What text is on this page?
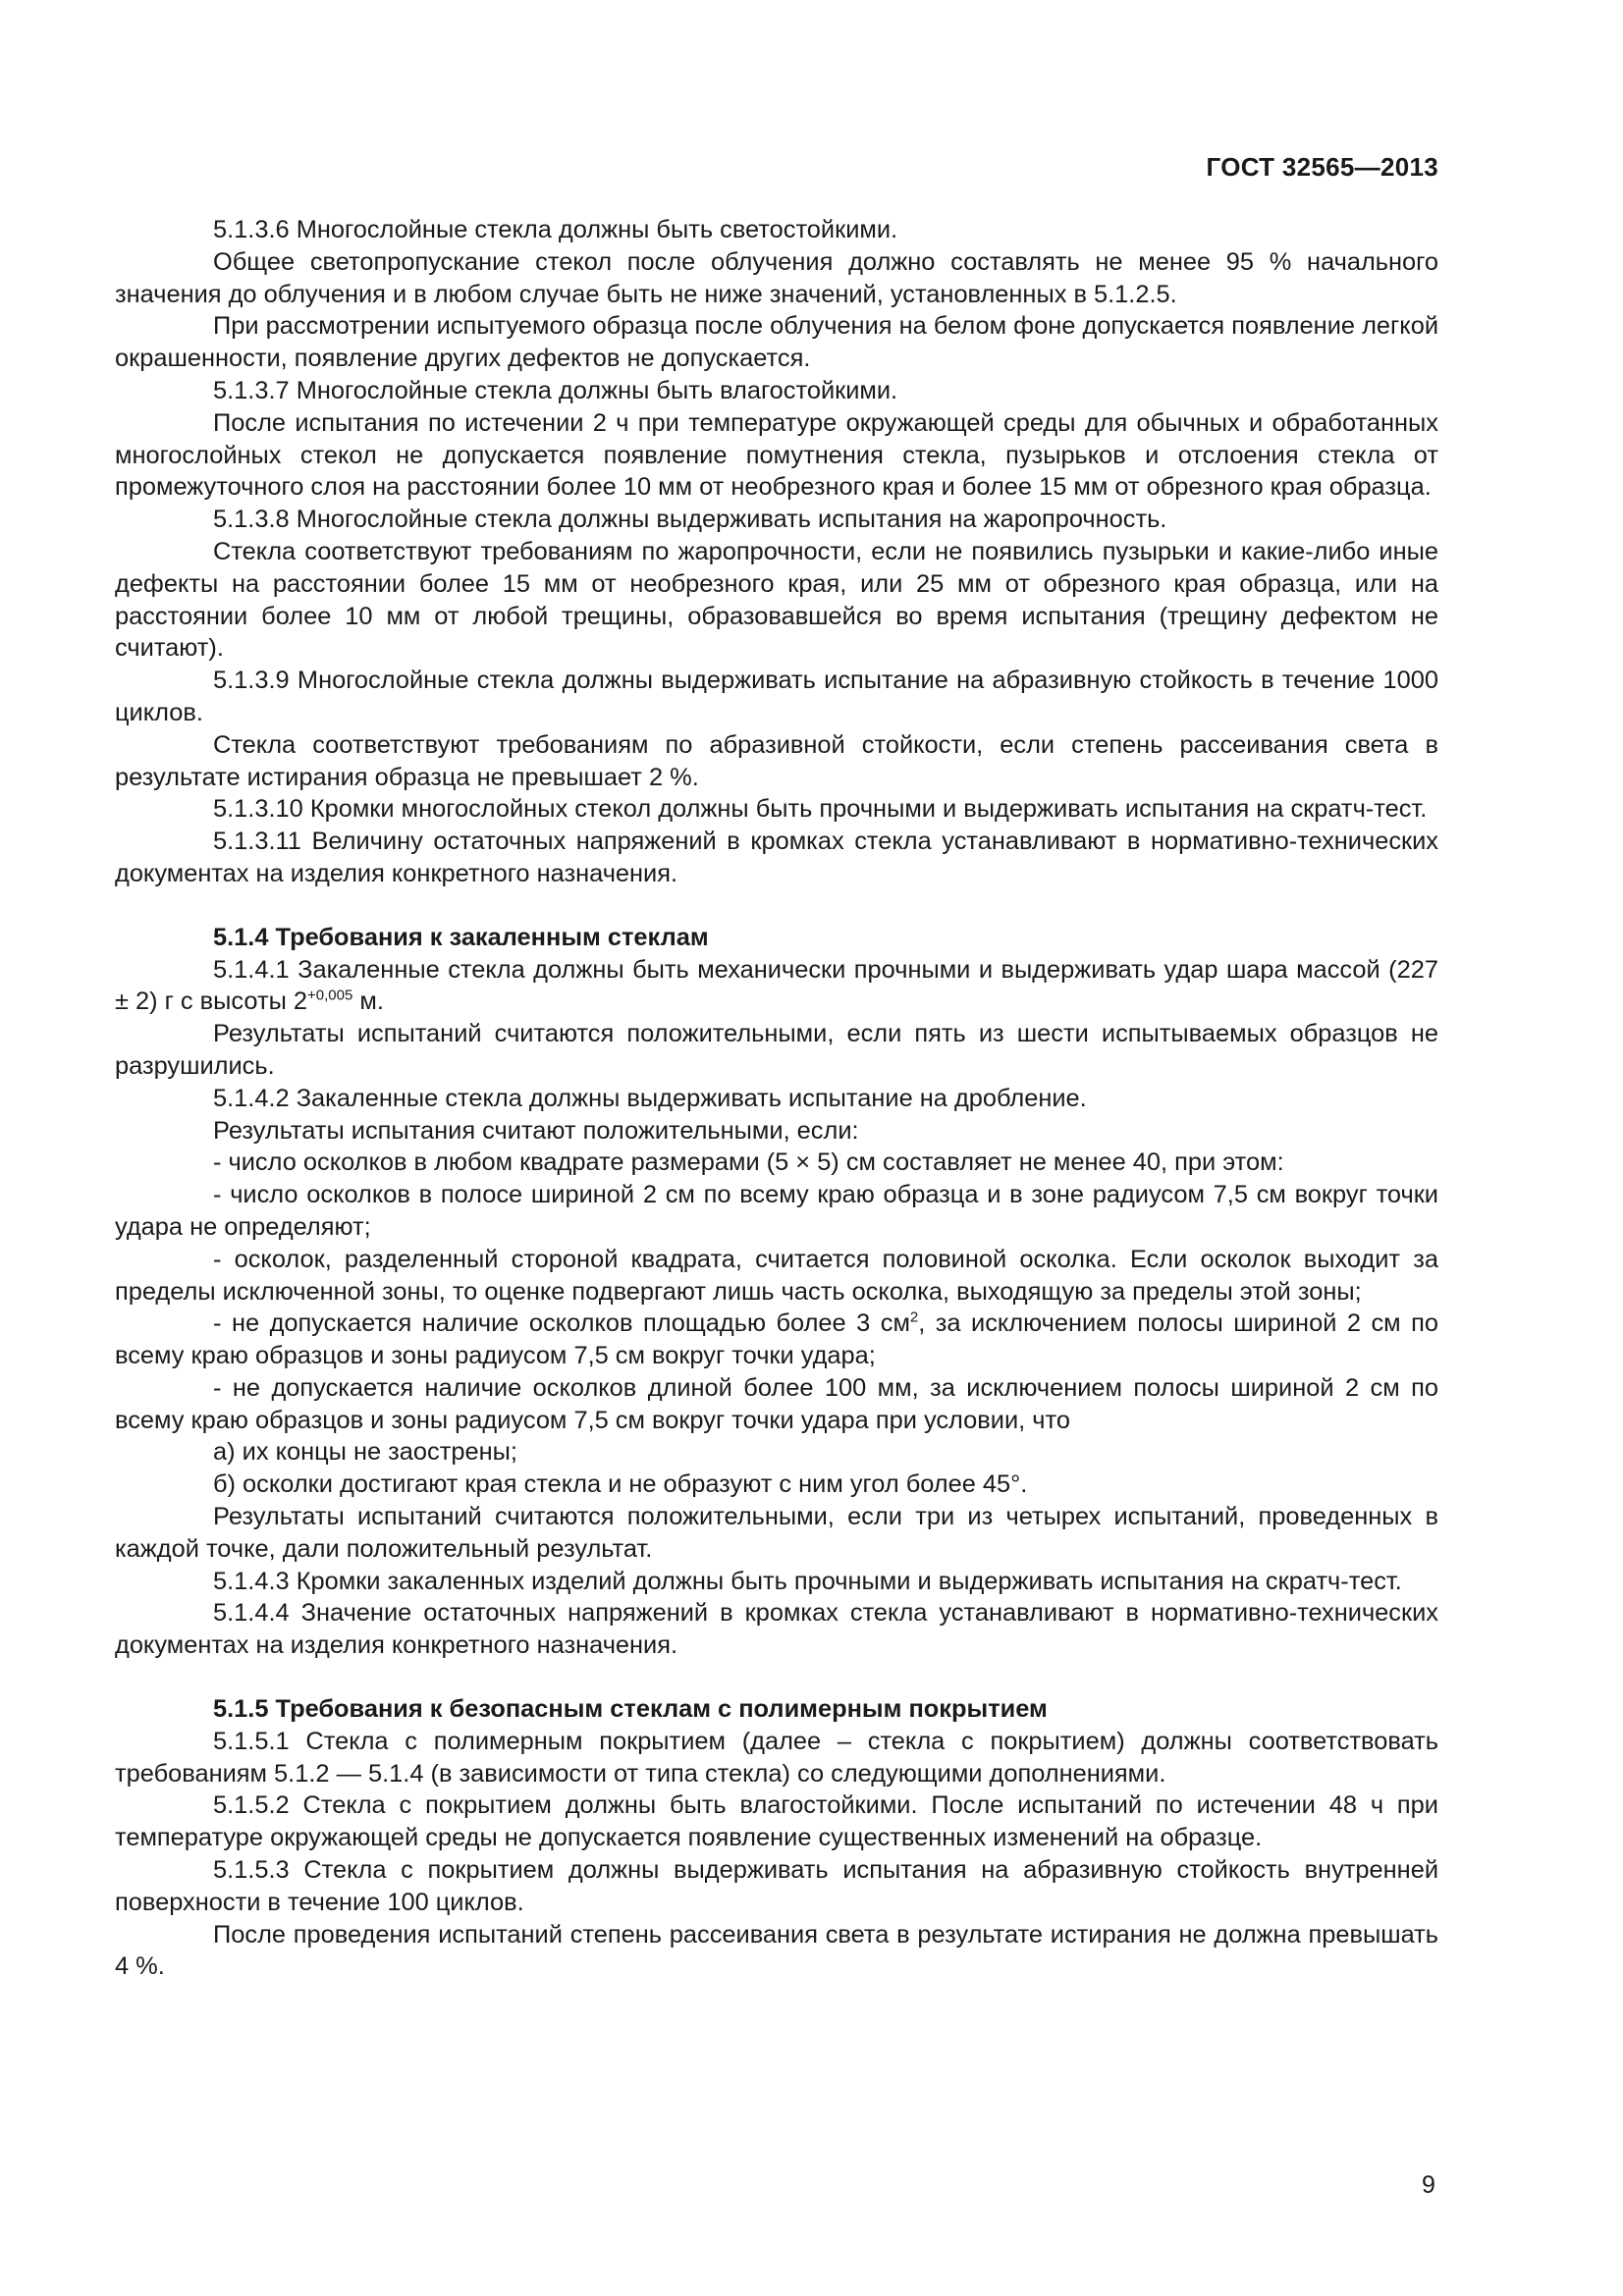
ГОСТ 32565—2013

5.1.3.6 Многослойные стекла должны быть светостойкими.

Общее светопропускание стекол после облучения должно составлять не менее 95 % начального значения до облучения и в любом случае быть не ниже значений, установленных в 5.1.2.5.

При рассмотрении испытуемого образца после облучения на белом фоне допускается появление легкой окрашенности, появление других дефектов не допускается.

5.1.3.7 Многослойные стекла должны быть влагостойкими.

После испытания по истечении 2 ч при температуре окружающей среды для обычных и обработанных многослойных стекол не допускается появление помутнения стекла, пузырьков и отслоения стекла от промежуточного слоя на расстоянии более 10 мм от необрезного края и более 15 мм от обрезного края образца.

5.1.3.8 Многослойные стекла должны выдерживать испытания на жаропрочность.

Стекла соответствуют требованиям по жаропрочности, если не появились пузырьки и какие-либо иные дефекты на расстоянии более 15 мм от необрезного края, или 25 мм от обрезного края образца, или на расстоянии более 10 мм от любой трещины, образовавшейся во время испытания (трещину дефектом не считают).

5.1.3.9 Многослойные стекла должны выдерживать испытание на абразивную стойкость в течение 1000 циклов.

Стекла соответствуют требованиям по абразивной стойкости, если степень рассеивания света в результате истирания образца не превышает 2 %.

5.1.3.10 Кромки многослойных стекол должны быть прочными и выдерживать испытания на скратч-тест.

5.1.3.11 Величину остаточных напряжений в кромках стекла устанавливают в нормативно-технических документах на изделия конкретного назначения.

5.1.4 Требования к закаленным стеклам

5.1.4.1 Закаленные стекла должны быть механически прочными и выдерживать удар шара массой (227 ± 2) г с высоты $2^{+0,005}$ м.

Результаты испытаний считаются положительными, если пять из шести испытываемых образцов не разрушились.

5.1.4.2 Закаленные стекла должны выдерживать испытание на дробление.

Результаты испытания считают положительными, если:

- число осколков в любом квадрате размерами (5 × 5) см составляет не менее 40, при этом:

- число осколков в полосе шириной 2 см по всему краю образца и в зоне радиусом 7,5 см вокруг точки удара не определяют;

- осколок, разделенный стороной квадрата, считается половиной осколка. Если осколок выходит за пределы исключенной зоны, то оценке подвергают лишь часть осколка, выходящую за пределы этой зоны;

- не допускается наличие осколков площадью более 3 $см^2$, за исключением полосы шириной 2 см по всему краю образцов и зоны радиусом 7,5 см вокруг точки удара;

- не допускается наличие осколков длиной более 100 мм, за исключением полосы шириной 2 см по всему краю образцов и зоны радиусом 7,5 см вокруг точки удара при условии, что

а) их концы не заострены;

б) осколки достигают края стекла и не образуют с ним угол более 45°.

Результаты испытаний считаются положительными, если три из четырех испытаний, проведенных в каждой точке, дали положительный результат.

5.1.4.3 Кромки закаленных изделий должны быть прочными и выдерживать испытания на скратч-тест.

5.1.4.4 Значение остаточных напряжений в кромках стекла устанавливают в нормативно-технических документах на изделия конкретного назначения.

5.1.5 Требования к безопасным стеклам с полимерным покрытием

5.1.5.1 Стекла с полимерным покрытием (далее – стекла с покрытием) должны соответствовать требованиям 5.1.2 — 5.1.4 (в зависимости от типа стекла) со следующими дополнениями.

5.1.5.2 Стекла с покрытием должны быть влагостойкими. После испытаний по истечении 48 ч при температуре окружающей среды не допускается появление существенных изменений на образце.

5.1.5.3 Стекла с покрытием должны выдерживать испытания на абразивную стойкость внутренней поверхности в течение 100 циклов.

После проведения испытаний степень рассеивания света в результате истирания не должна превышать 4 %.

9
